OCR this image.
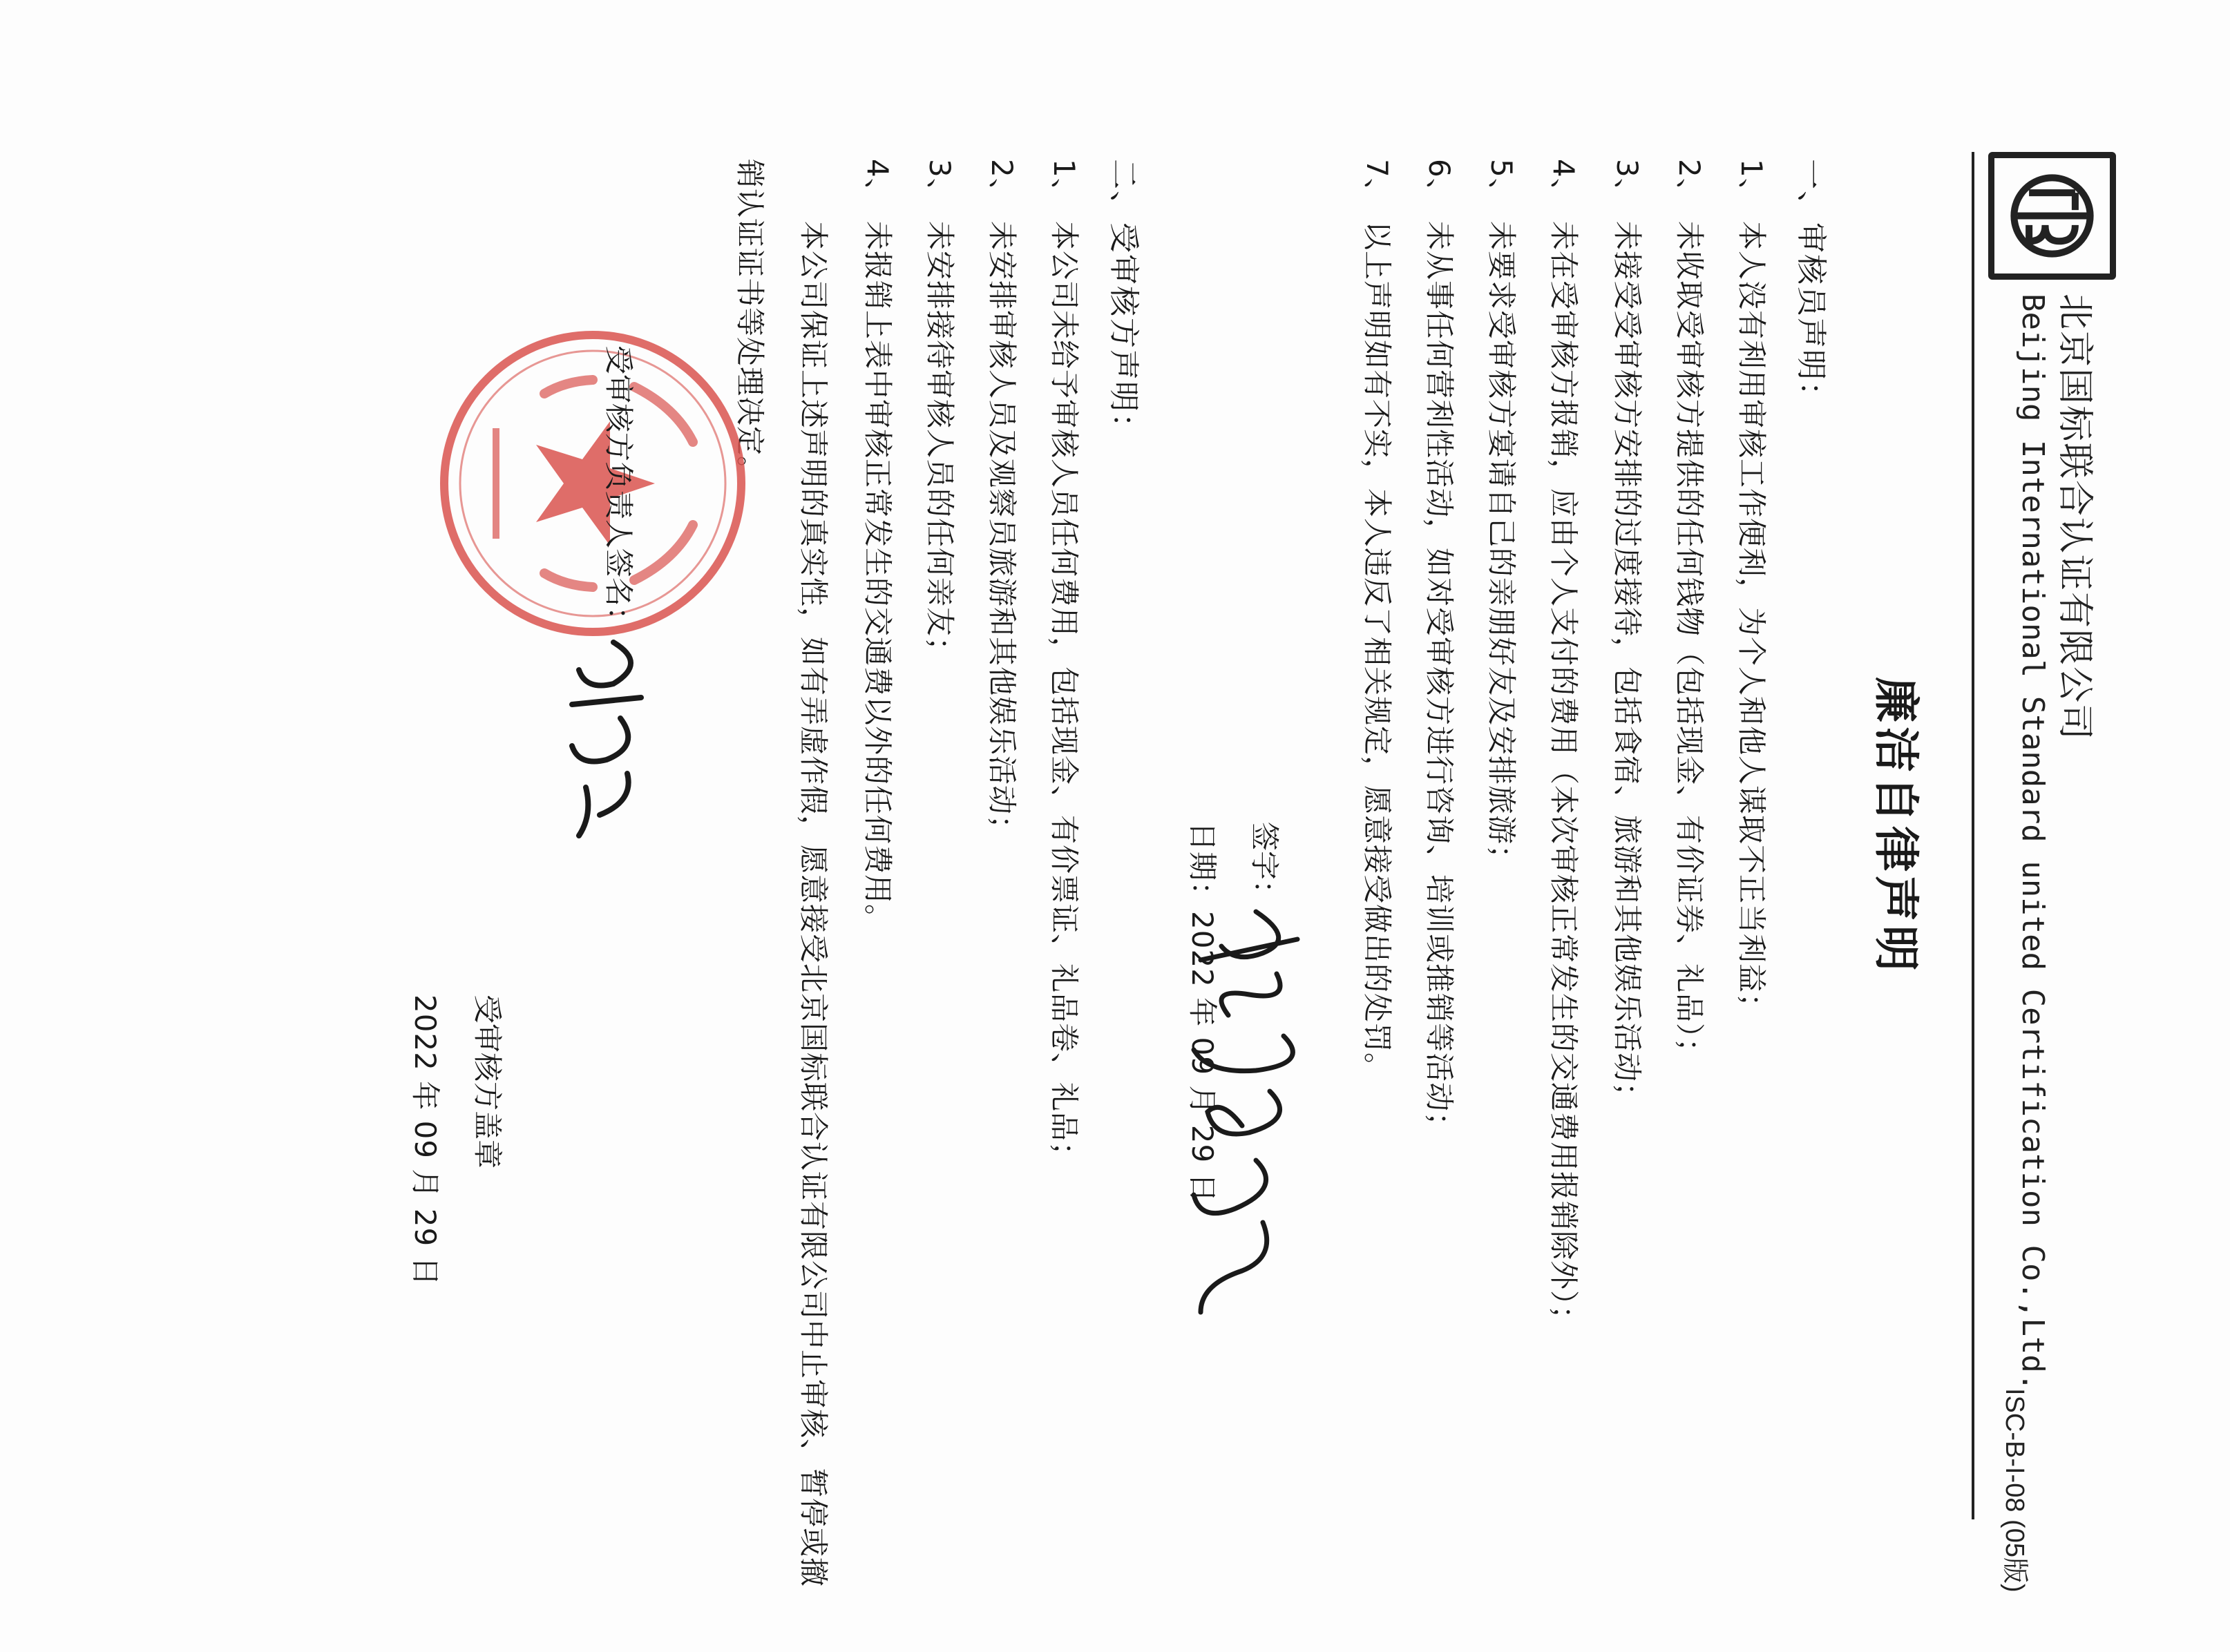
北京国标联合认证有限公司
Beijing International Standard united Certification Co.,Ltd.
ISC-B-I-08 (05版)
廉洁自律声明
一、审核员声明：
1、本人没有利用审核工作便利，为个人和他人谋取不正当利益；
2、未收取受审核方提供的任何钱物（包括现金、有价证券、礼品）；
3、未接受受审核方安排的过度接待，包括食宿、旅游和其他娱乐活动；
4、未在受审核方报销，应由个人支付的费用（本次审核正常发生的交通费用报销除外）；
5、未要求受审核方宴请自己的亲朋好友及安排旅游；
6、未从事任何营利性活动，如对受审核方进行咨询、培训或推销等活动；
7、以上声明如有不实，本人违反了相关规定，愿意接受做出的处罚。
签字：
日期：2022 年 09 月 29 日
二、受审核方声明：
1、本公司未给予审核人员任何费用，包括现金、有价票证、礼品卷、礼品；
2、未安排审核人员及观察员旅游和其他娱乐活动；
3、未安排接待审核人员的任何亲友；
4、未报销上表中审核正常发生的交通费以外的任何费用。
本公司保证上述声明的真实性，如有弄虚作假，愿意接受北京国标联合认证有限公司中止审核、暂停或撤销认证证书等处理决定。
受审核方负责人签名：
受审核方盖章
2022 年 09 月 29 日
